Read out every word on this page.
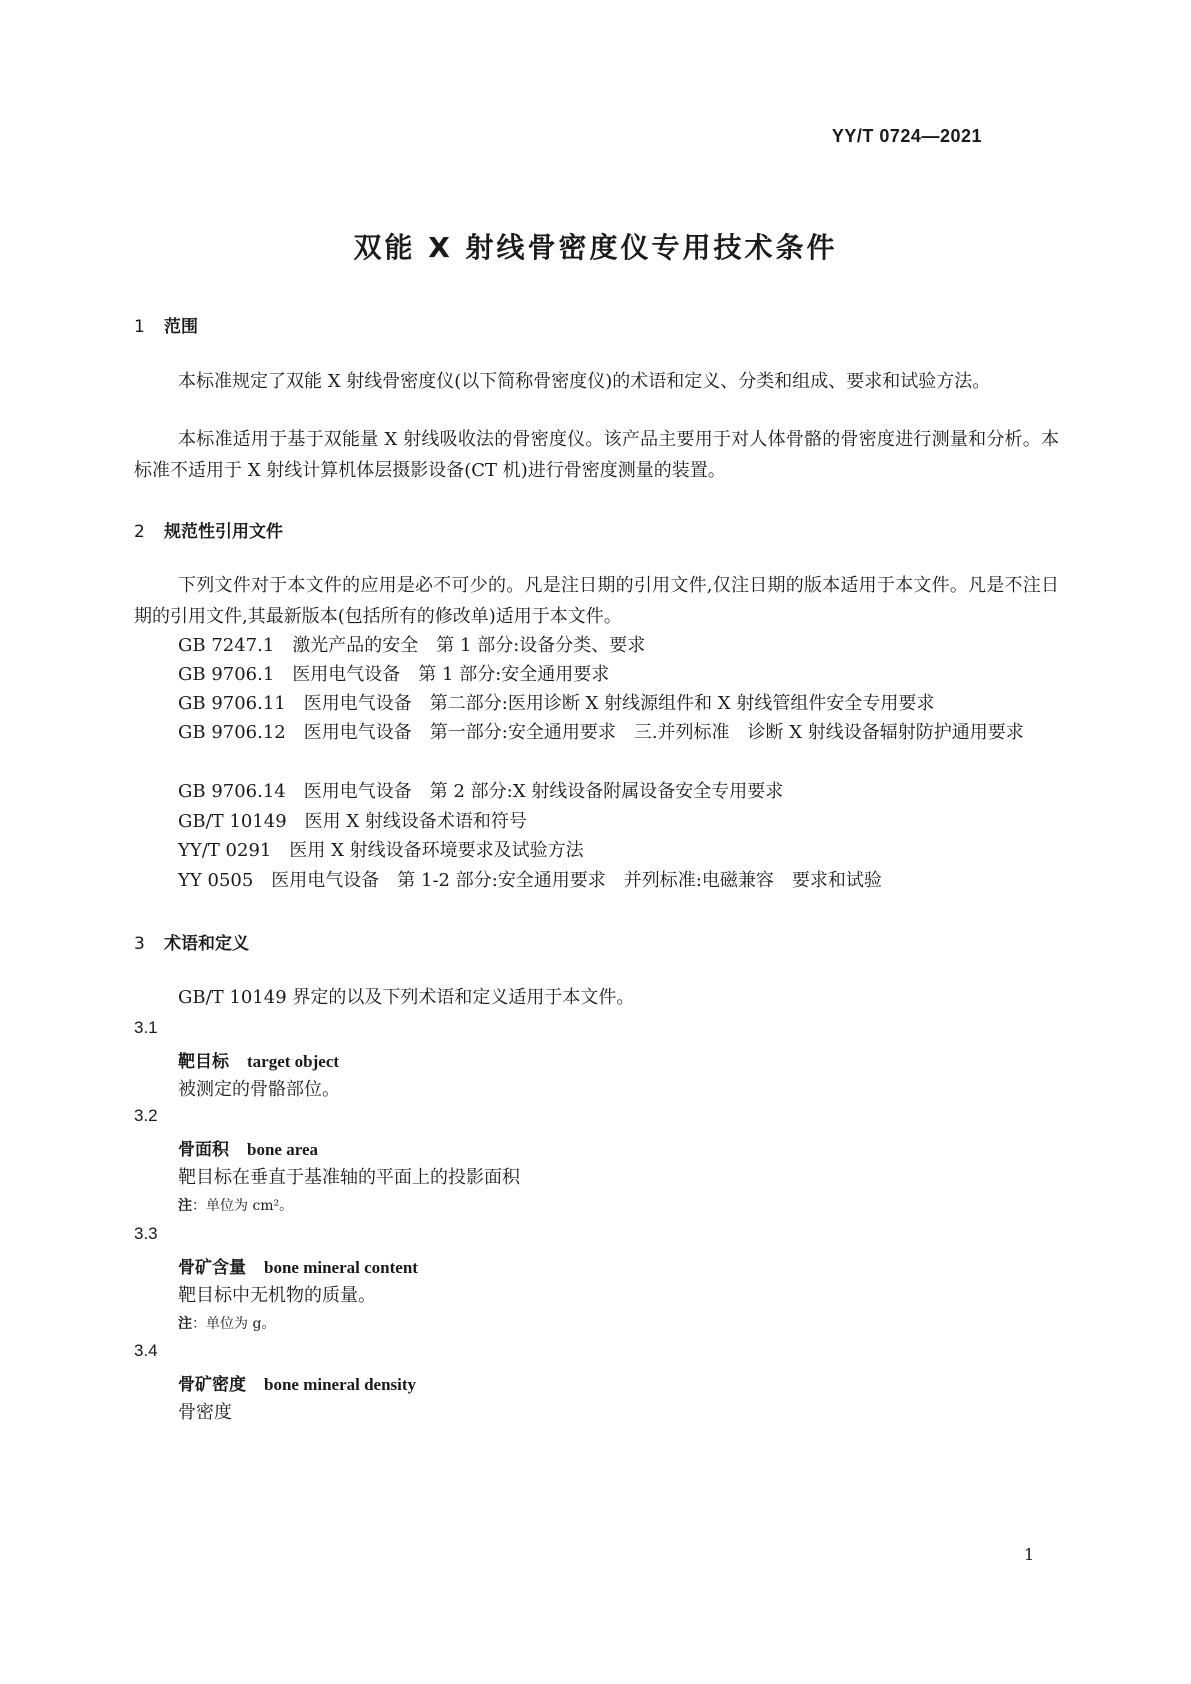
YY/T 0724—2021
双能 X 射线骨密度仪专用技术条件
1 范围
本标准规定了双能 X 射线骨密度仪(以下简称骨密度仪)的术语和定义、分类和组成、要求和试验方法。
本标准适用于基于双能量 X 射线吸收法的骨密度仪。该产品主要用于对人体骨骼的骨密度进行测量和分析。本标准不适用于 X 射线计算机体层摄影设备(CT 机)进行骨密度测量的装置。
2 规范性引用文件
下列文件对于本文件的应用是必不可少的。凡是注日期的引用文件,仅注日期的版本适用于本文件。凡是不注日期的引用文件,其最新版本(包括所有的修改单)适用于本文件。
GB 7247.1 激光产品的安全　第 1 部分:设备分类、要求
GB 9706.1 医用电气设备　第 1 部分:安全通用要求
GB 9706.11 医用电气设备　第二部分:医用诊断 X 射线源组件和 X 射线管组件安全专用要求
GB 9706.12 医用电气设备　第一部分:安全通用要求　三.并列标准　诊断 X 射线设备辐射防护通用要求
GB 9706.14 医用电气设备　第 2 部分:X 射线设备附属设备安全专用要求
GB/T 10149 医用 X 射线设备术语和符号
YY/T 0291 医用 X 射线设备环境要求及试验方法
YY 0505 医用电气设备　第 1-2 部分:安全通用要求　并列标准:电磁兼容　要求和试验
3 术语和定义
GB/T 10149 界定的以及下列术语和定义适用于本文件。
3.1
靶目标 target object
被测定的骨骼部位。
3.2
骨面积 bone area
靶目标在垂直于基准轴的平面上的投影面积
注：单位为 cm²。
3.3
骨矿含量 bone mineral content
靶目标中无机物的质量。
注：单位为 g。
3.4
骨矿密度 bone mineral density
骨密度
1
